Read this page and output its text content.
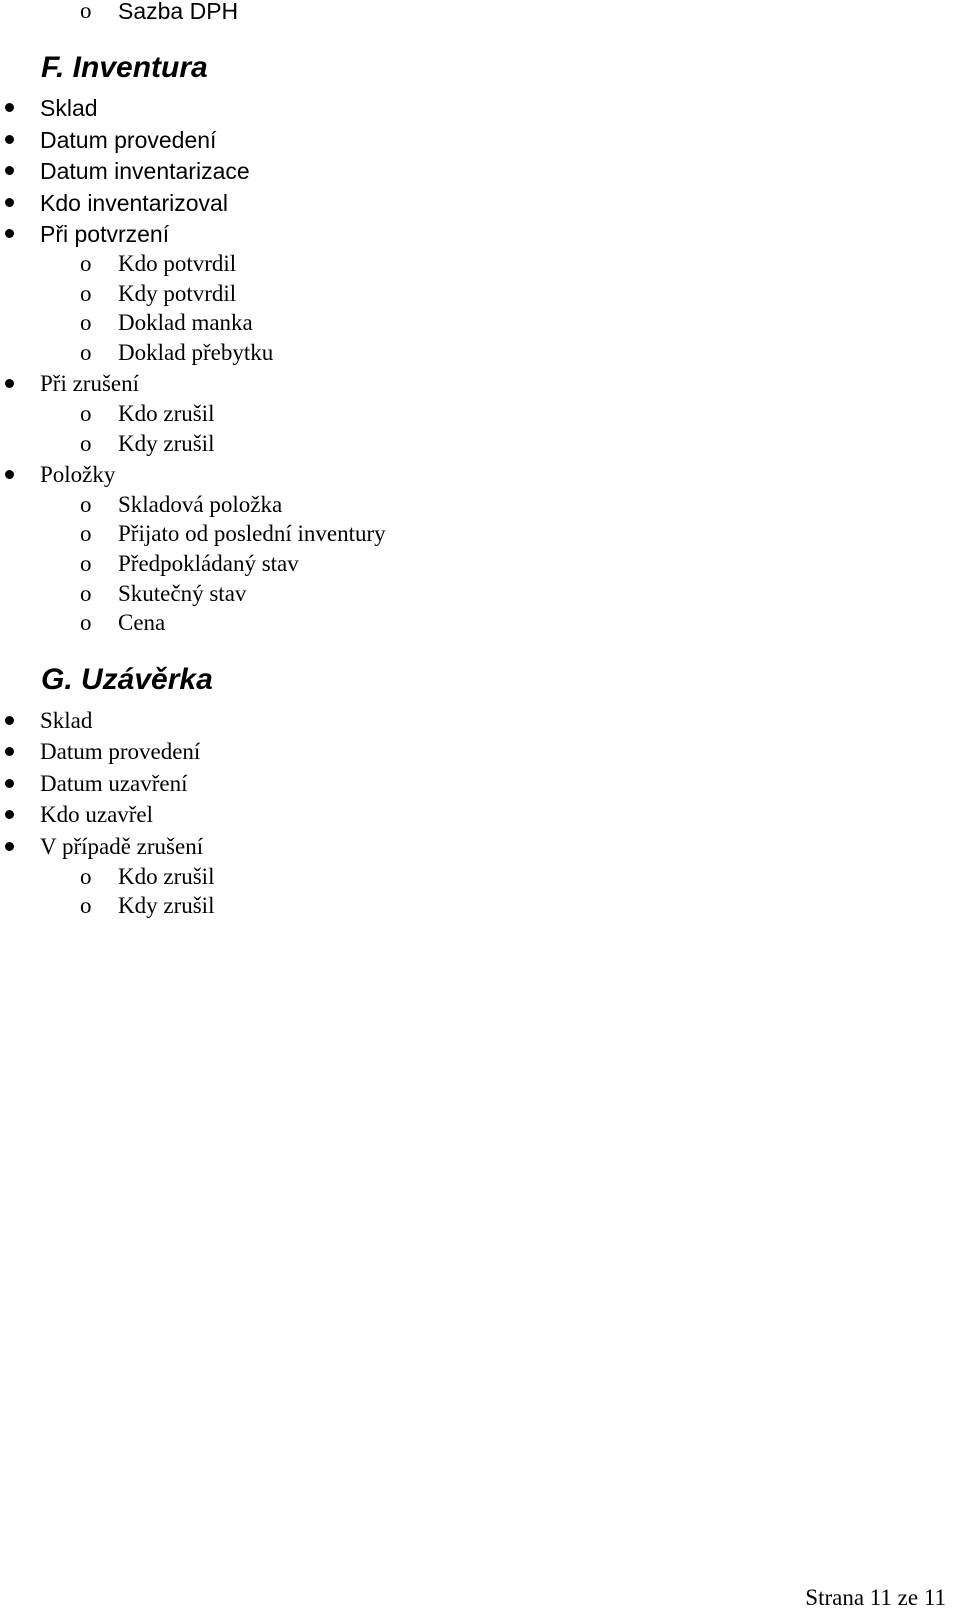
o Sazba DPH
F. Inventura
Sklad
Datum provedení
Datum inventarizace
Kdo inventarizoval
Při potvrzení
o Kdo potvrdil
o Kdy potvrdil
o Doklad manka
o Doklad přebytku
Při zrušení
o Kdo zrušil
o Kdy zrušil
Položky
o Skladová položka
o Přijato od poslední inventury
o Předpokládaný stav
o Skutečný stav
o Cena
G. Uzávěrka
Sklad
Datum provedení
Datum uzavření
Kdo uzavřel
V případě zrušení
o Kdo zrušil
o Kdy zrušil
Strana 11 ze 11
